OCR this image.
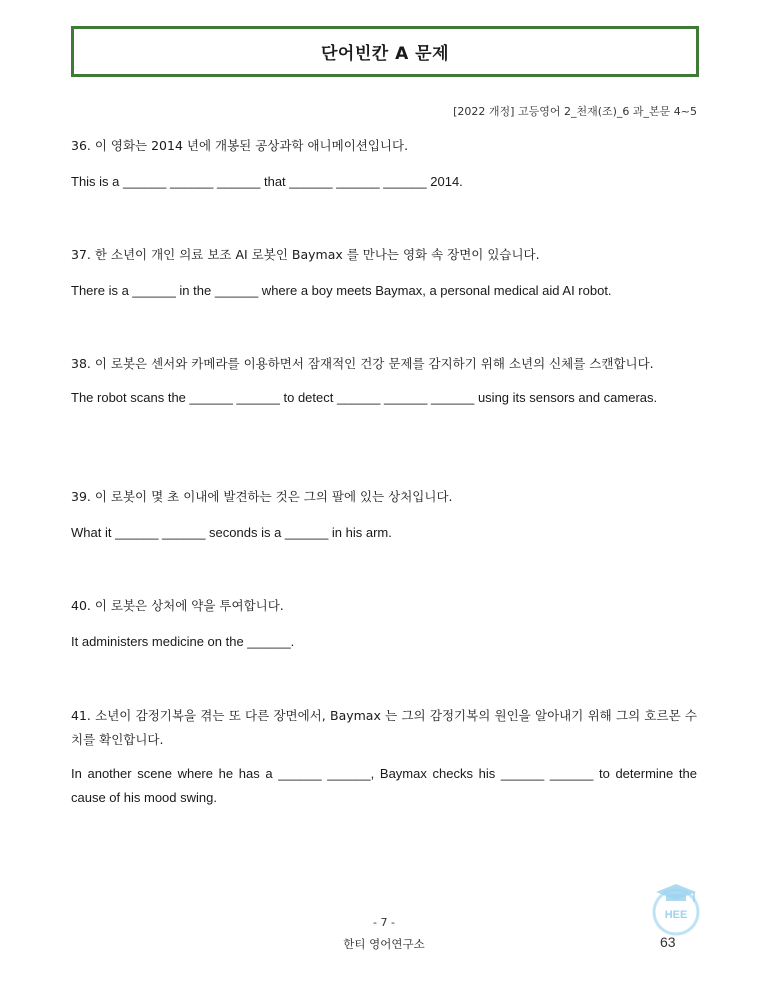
단어빈칸 A 문제
[2022 개정] 고등영어 2_천재(조)_6 과_본문 4~5
36. 이 영화는 2014 년에 개봉된 공상과학 애니메이션입니다.
This is a ______ ______ ______ that ______ ______ ______ 2014.
37. 한 소년이 개인 의료 보조 AI 로봇인 Baymax 를 만나는 영화 속 장면이 있습니다.
There is a ______ in the ______ where a boy meets Baymax, a personal medical aid AI robot.
38. 이 로봇은 센서와 카메라를 이용하면서 잠재적인 건강 문제를 감지하기 위해 소년의 신체를 스캔합니다.
The robot scans the ______ ______ to detect ______ ______ ______ using its sensors and cameras.
39. 이 로봇이 몇 초 이내에 발견하는 것은 그의 팔에 있는 상처입니다.
What it ______ ______ seconds is a ______ in his arm.
40. 이 로봇은 상처에 약을 투여합니다.
It administers medicine on the ______.
41. 소년이 감정기복을 겪는 또 다른 장면에서, Baymax 는 그의 감정기복의 원인을 알아내기 위해 그의 호르몬 수치를 확인합니다.
In another scene where he has a ______ ______, Baymax checks his ______ ______ to determine the cause of his mood swing.
- 7 -
한티 영어연구소	63
HEE
